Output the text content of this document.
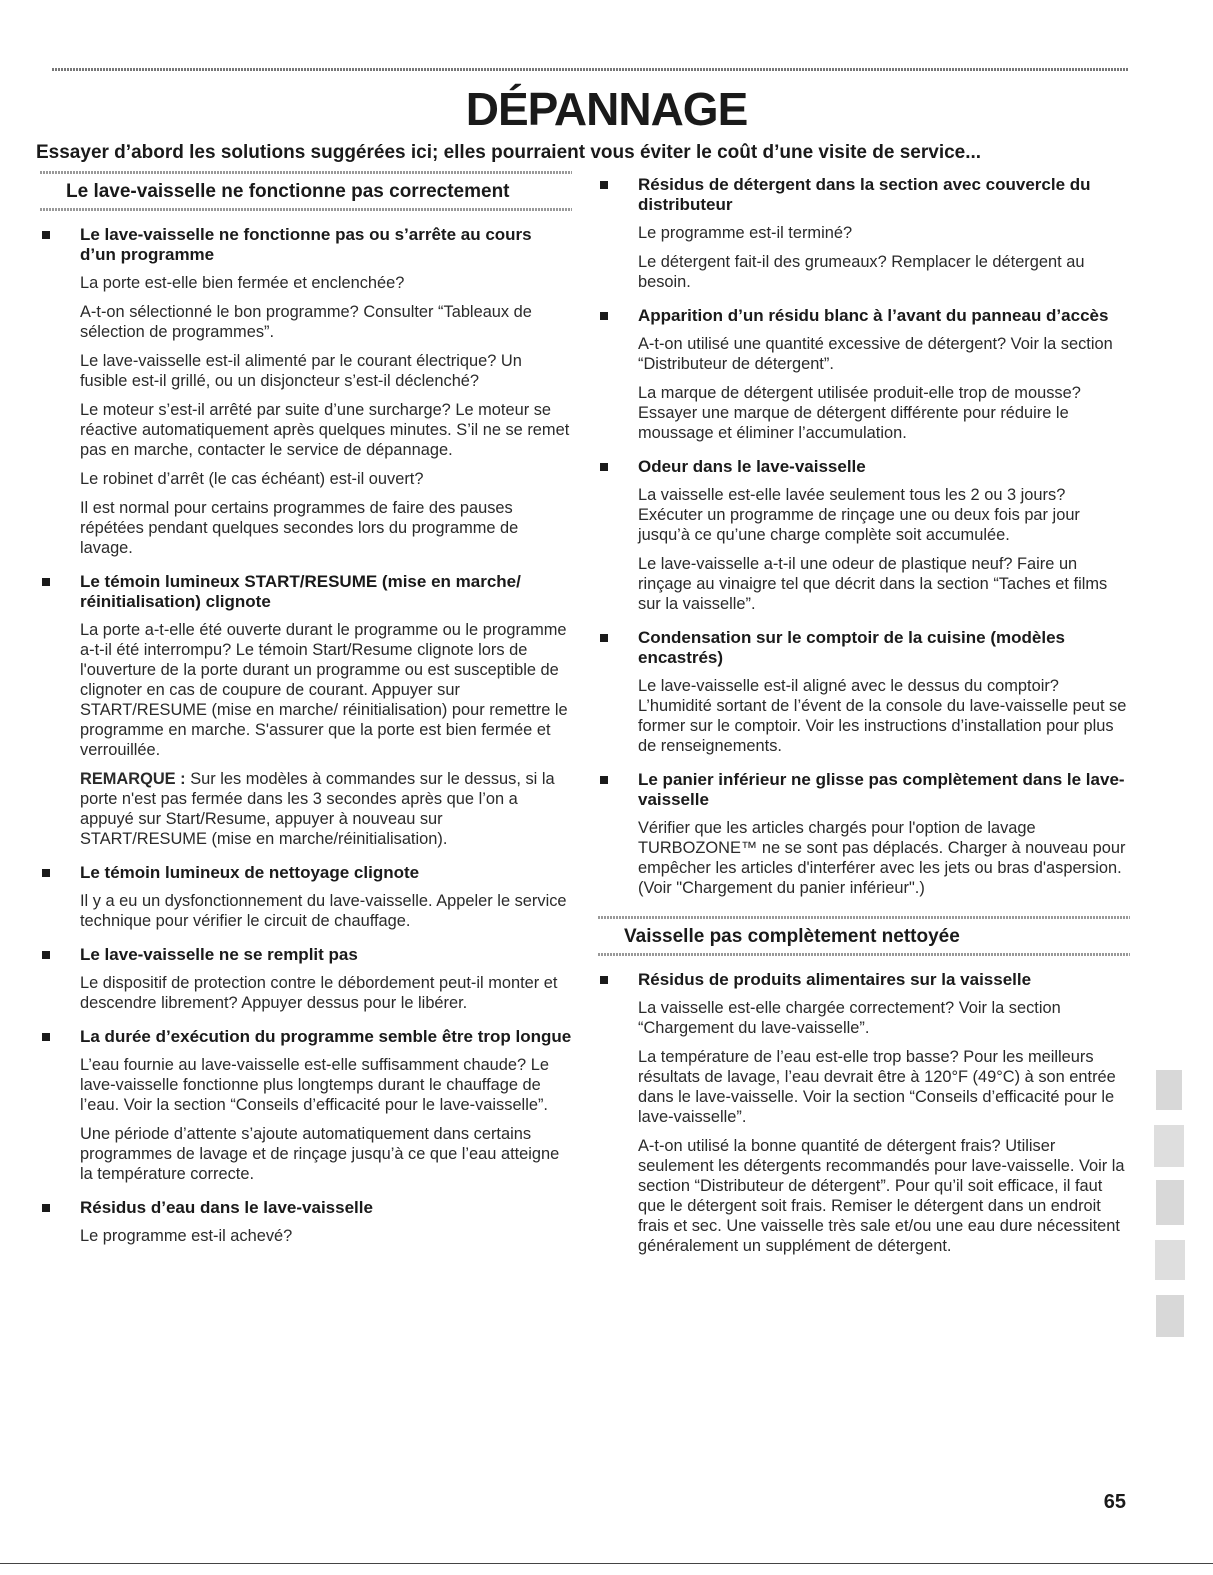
DÉPANNAGE
Essayer d’abord les solutions suggérées ici; elles pourraient vous éviter le coût d’une visite de service...
Le lave-vaisselle ne fonctionne pas correctement
Le lave-vaisselle ne fonctionne pas ou s’arrête au cours d’un programme
La porte est-elle bien fermée et enclenchée?
A-t-on sélectionné le bon programme? Consulter “Tableaux de sélection de programmes”.
Le lave-vaisselle est-il alimenté par le courant électrique? Un fusible est-il grillé, ou un disjoncteur s’est-il déclenché?
Le moteur s’est-il arrêté par suite d’une surcharge? Le moteur se réactive automatiquement après quelques minutes. S’il ne se remet pas en marche, contacter le service de dépannage.
Le robinet d’arrêt (le cas échéant) est-il ouvert?
Il est normal pour certains programmes de faire des pauses répétées pendant quelques secondes lors du programme de lavage.
Le témoin lumineux START/RESUME (mise en marche/ réinitialisation) clignote
La porte a-t-elle été ouverte durant le programme ou le programme a-t-il été interrompu? Le témoin Start/Resume clignote lors de l'ouverture de la porte durant un programme ou est susceptible de clignoter en cas de coupure de courant. Appuyer sur START/RESUME (mise en marche/ réinitialisation) pour remettre le programme en marche. S'assurer que la porte est bien fermée et verrouillée.
REMARQUE : Sur les modèles à commandes sur le dessus, si la porte n'est pas fermée dans les 3 secondes après que l’on a appuyé sur Start/Resume, appuyer à nouveau sur START/RESUME (mise en marche/réinitialisation).
Le témoin lumineux de nettoyage clignote
Il y a eu un dysfonctionnement du lave-vaisselle. Appeler le service technique pour vérifier le circuit de chauffage.
Le lave-vaisselle ne se remplit pas
Le dispositif de protection contre le débordement peut-il monter et descendre librement? Appuyer dessus pour le libérer.
La durée d’exécution du programme semble être trop longue
L’eau fournie au lave-vaisselle est-elle suffisamment chaude? Le lave-vaisselle fonctionne plus longtemps durant le chauffage de l’eau. Voir la section “Conseils d’efficacité pour le lave-vaisselle”.
Une période d’attente s’ajoute automatiquement dans certains programmes de lavage et de rinçage jusqu’à ce que l’eau atteigne la température correcte.
Résidus d’eau dans le lave-vaisselle
Le programme est-il achevé?
Résidus de détergent dans la section avec couvercle du distributeur
Le programme est-il terminé?
Le détergent fait-il des grumeaux? Remplacer le détergent au besoin.
Apparition d’un résidu blanc à l’avant du panneau d’accès
A-t-on utilisé une quantité excessive de détergent? Voir la section “Distributeur de détergent”.
La marque de détergent utilisée produit-elle trop de mousse? Essayer une marque de détergent différente pour réduire le moussage et éliminer l’accumulation.
Odeur dans le lave-vaisselle
La vaisselle est-elle lavée seulement tous les 2 ou 3 jours? Exécuter un programme de rinçage une ou deux fois par jour jusqu’à ce qu’une charge complète soit accumulée.
Le lave-vaisselle a-t-il une odeur de plastique neuf? Faire un rinçage au vinaigre tel que décrit dans la section “Taches et films sur la vaisselle”.
Condensation sur le comptoir de la cuisine (modèles encastrés)
Le lave-vaisselle est-il aligné avec le dessus du comptoir? L’humidité sortant de l’évent de la console du lave-vaisselle peut se former sur le comptoir. Voir les instructions d’installation pour plus de renseignements.
Le panier inférieur ne glisse pas complètement dans le lave-vaisselle
Vérifier que les articles chargés pour l'option de lavage TURBOZONE™ ne se sont pas déplacés. Charger à nouveau pour empêcher les articles d'interférer avec les jets ou bras d'aspersion. (Voir "Chargement du panier inférieur".)
Vaisselle pas complètement nettoyée
Résidus de produits alimentaires sur la vaisselle
La vaisselle est-elle chargée correctement? Voir la section “Chargement du lave-vaisselle”.
La température de l’eau est-elle trop basse? Pour les meilleurs résultats de lavage, l’eau devrait être à 120°F (49°C) à son entrée dans le lave-vaisselle. Voir la section “Conseils d’efficacité pour le lave-vaisselle”.
A-t-on utilisé la bonne quantité de détergent frais? Utiliser seulement les détergents recommandés pour lave-vaisselle. Voir la section “Distributeur de détergent”. Pour qu’il soit efficace, il faut que le détergent soit frais. Remiser le détergent dans un endroit frais et sec. Une vaisselle très sale et/ou une eau dure nécessitent généralement un supplément de détergent.
65
